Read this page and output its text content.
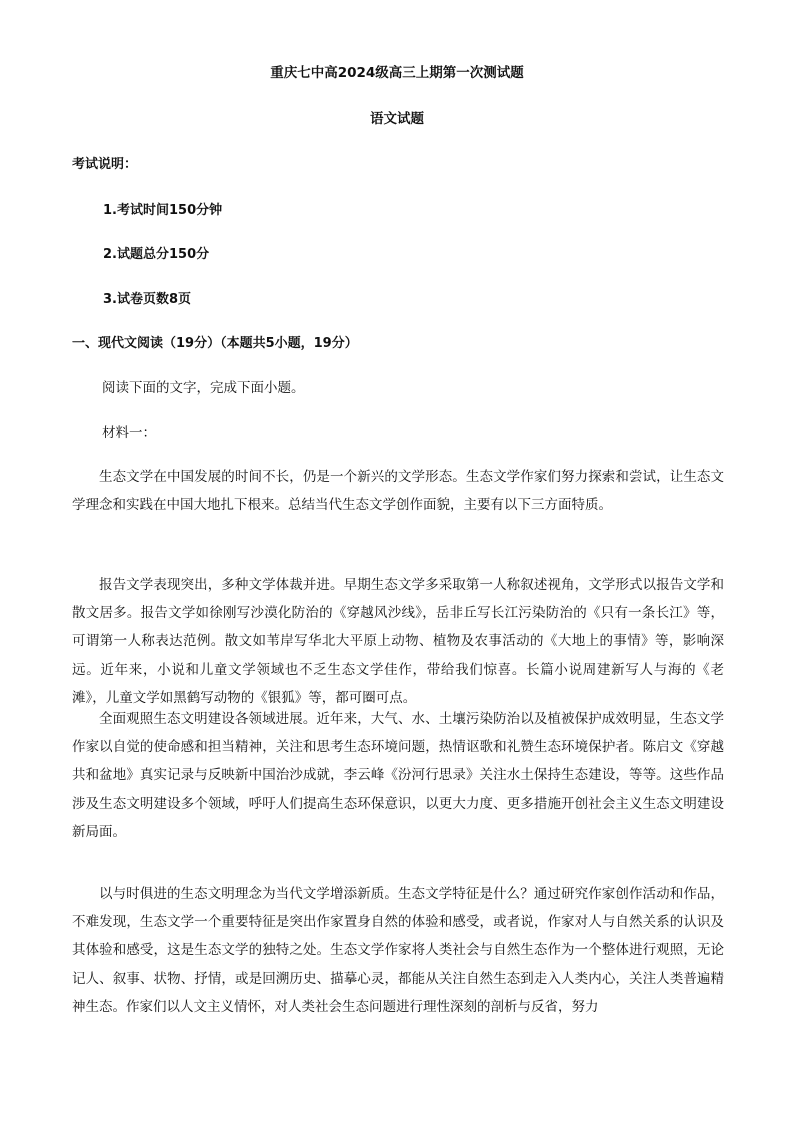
重庆七中高2024级高三上期第一次测试题
语文试题
考试说明：
1.考试时间150分钟
2.试题总分150分
3.试卷页数8页
一、现代文阅读（19分）（本题共5小题，19分）
阅读下面的文字，完成下面小题。
材料一：

生态文学在中国发展的时间不长，仍是一个新兴的文学形态。生态文学作家们努力探索和尝试，让生态文学理念和实践在中国大地扎下根来。总结当代生态文学创作面貌，主要有以下三方面特质。

报告文学表现突出，多种文学体裁并进。早期生态文学多采取第一人称叙述视角，文学形式以报告文学和散文居多。报告文学如徐刚写沙漠化防治的《穿越风沙线》，岳非丘写长江污染防治的《只有一条长江》等，可谓第一人称表达范例。散文如苇岸写华北大平原上动物、植物及农事活动的《大地上的事情》等，影响深远。近年来，小说和儿童文学领域也不乏生态文学佳作，带给我们惊喜。长篇小说周建新写人与海的《老滩》，儿童文学如黑鹤写动物的《银狐》等，都可圈可点。

全面观照生态文明建设各领域进展。近年来，大气、水、土壤污染防治以及植被保护成效明显，生态文学作家以自觉的使命感和担当精神，关注和思考生态环境问题，热情讴歌和礼赞生态环境保护者。陈启文《穿越共和盆地》真实记录与反映新中国治沙成就，李云峰《汾河行思录》关注水土保持生态建设，等等。这些作品涉及生态文明建设多个领域，呼吁人们提高生态环保意识，以更大力度、更多措施开创社会主义生态文明建设新局面。

以与时俱进的生态文明理念为当代文学增添新质。生态文学特征是什么？通过研究作家创作活动和作品，不难发现，生态文学一个重要特征是突出作家置身自然的体验和感受，或者说，作家对人与自然关系的认识及其体验和感受，这是生态文学的独特之处。生态文学作家将人类社会与自然生态作为一个整体进行观照，无论记人、叙事、状物、抒情，或是回溯历史、描摹心灵，都能从关注自然生态到走入人类内心，关注人类普遍精神生态。作家们以人文主义情怀，对人类社会生态问题进行理性深刻的剖析与反省，努力
